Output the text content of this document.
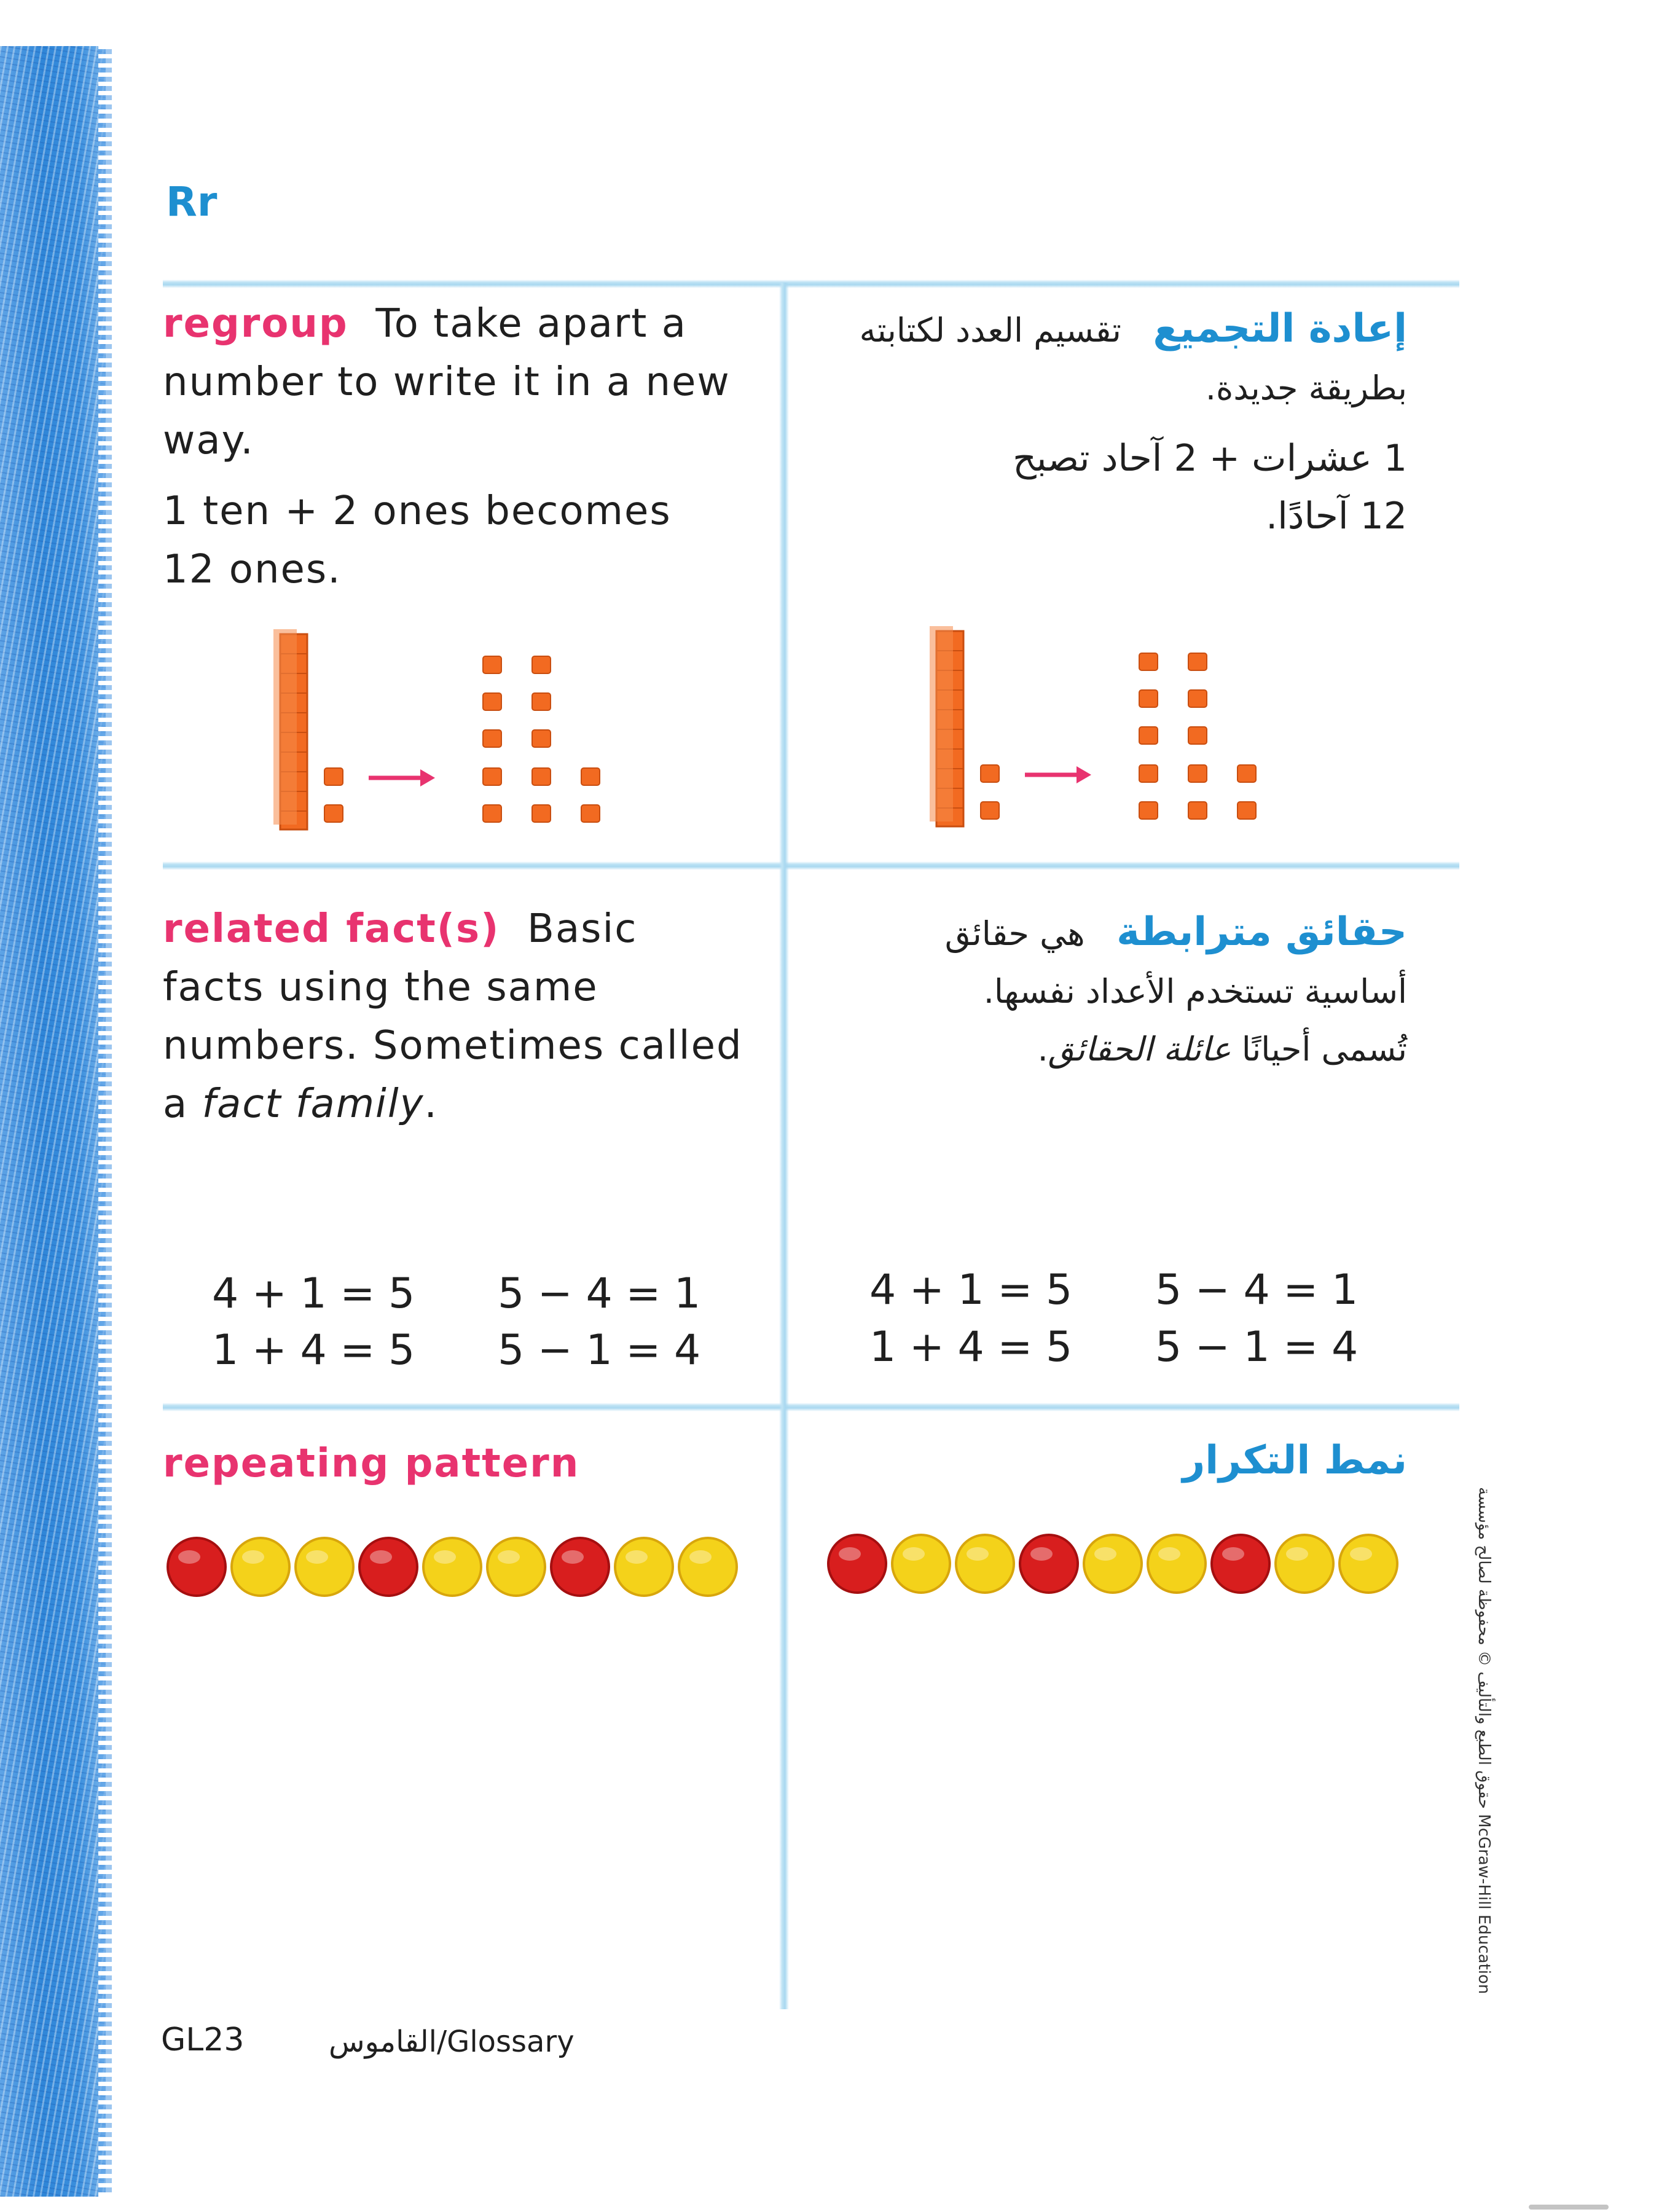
Rr

regroup To take apart a number to write it in a new way.

1 ten + 2 ones becomes 12 ones.

إعادة التجميع   تقسيم العدد لكتابته بطريقة جديدة.

1 عشرات + 2 آحاد تصبح

12 آحادًا.

related fact(s) Basic facts using the same numbers. Sometimes called a fact family.

حقائق مترابطة   هي حقائق أساسية تستخدم الأعداد نفسها.

تُسمى أحيانًا عائلة الحقائق.

4 + 1 = 5 5 − 4 = 1
1 + 4 = 5 5 − 1 = 4
4 + 1 = 5 5 − 4 = 1
1 + 4 = 5 5 − 1 = 4

repeating pattern	نمط التكرار

GL23	القاموس/Glossary
حقوق الطبع والتأليف © محفوظة لصالح مؤسسة McGraw-Hill Education
